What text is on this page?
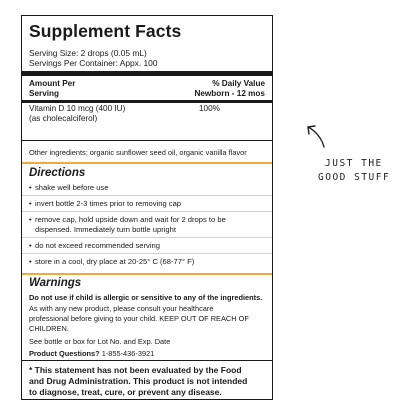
Supplement Facts
Serving Size: 2 drops (0.05 mL)
Servings Per Container: Appx. 100
Amount Per
Serving
% Daily Value
Newborn - 12 mos
Vitamin D 10 mcg (400 IU)
(as cholecalciferol)
100%
Other ingredients: organic sunflower seed oil, organic vanilla flavor
Directions
• shake well before use
• invert bottle 2-3 times prior to removing cap
• remove cap, hold upside down and wait for 2 drops to be
dispensed. Immediately turn bottle upright
• do not exceed recommended serving
• store in a cool, dry place at 20-25° C (68-77° F)
Warnings
Do not use if child is allergic or sensitive to any of the ingredients.
As with any new product, please consult your healthcare
professional before giving to your child. KEEP OUT OF REACH OF
CHILDREN.
See bottle or box for Lot No. and Exp. Date
Product Questions? 1-855-436-3921
* This statement has not been evaluated by the Food
and Drug Administration. This product is not intended
to diagnose, treat, cure, or prevent any disease.
JUST THE
GOOD STUFF
